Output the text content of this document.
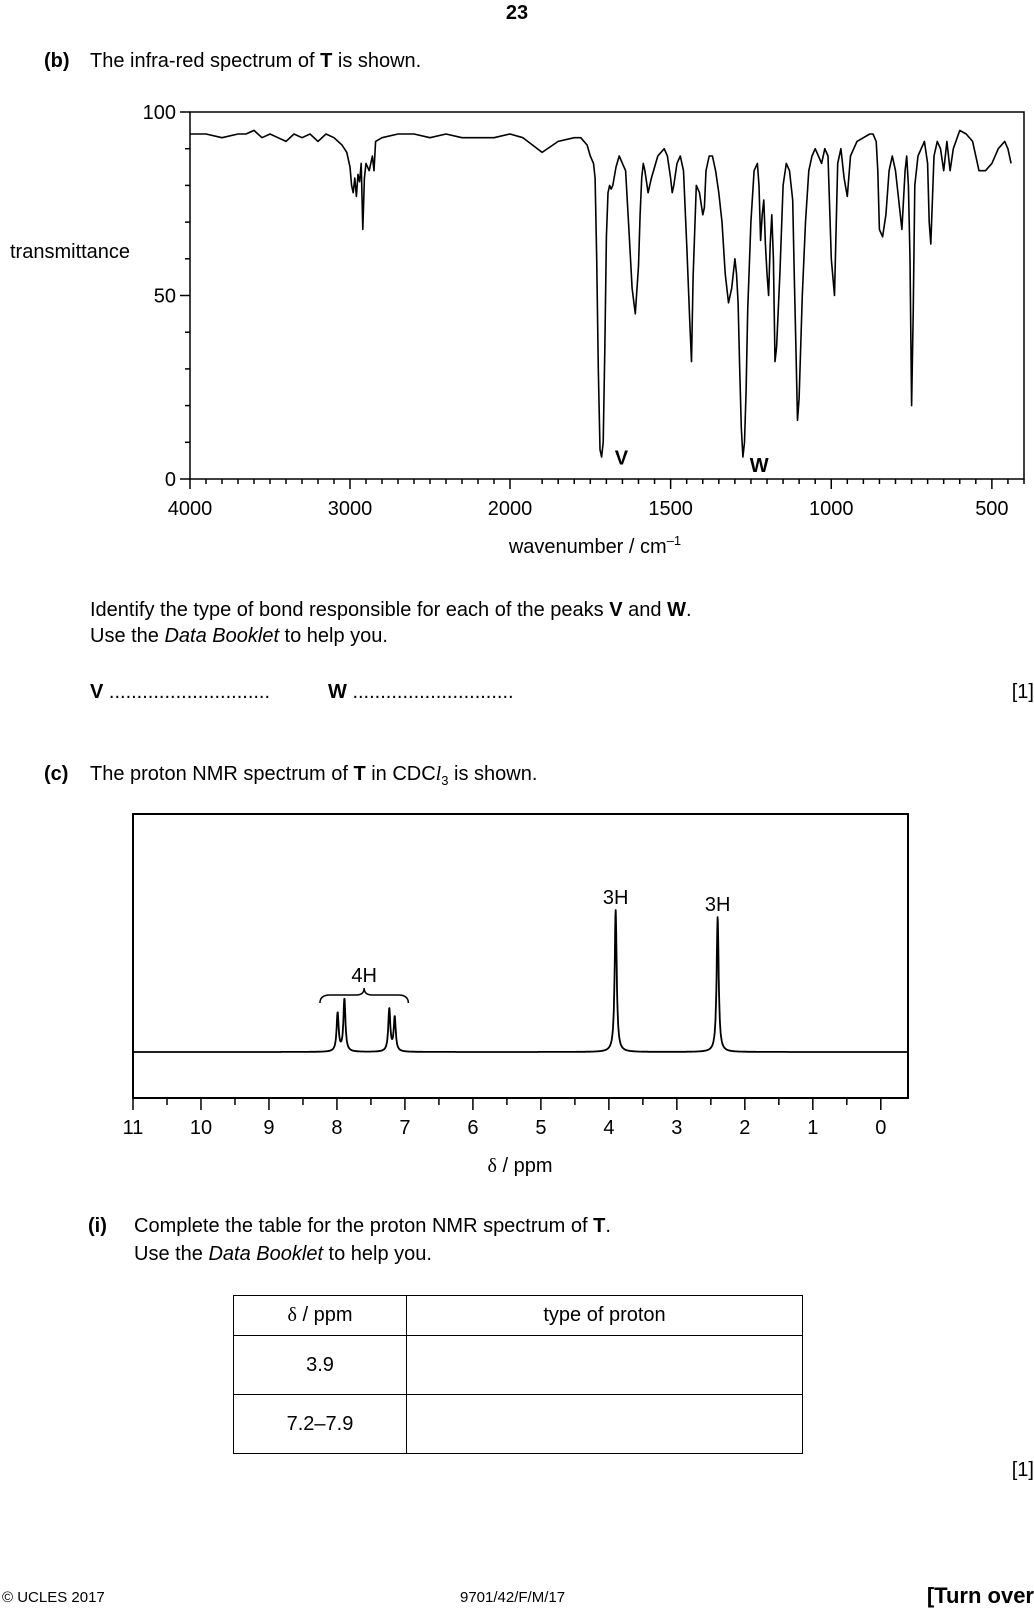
23
(b) The infra-red spectrum of T is shown.
100
50
0
4000	3000	2000	1500	1000	500
V	W
transmittance
wavenumber / $cm^{-1}$
Identify the type of bond responsible for each of the peaks V and W.
Use the Data Booklet to help you.
V .............................	W .............................	[1]
(c) The proton NMR spectrum of T in CDCl$_3$ is shown.
11 10	9	8	7	6	5	4	3	2	1	0
4H
3H	3H
δ / ppm
(i) Complete the table for the proton NMR spectrum of T.
Use the Data Booklet to help you.
δ / ppm	type of proton
3.9	
7.2–7.9	
[1]
© UCLES 2017	9701/42/F/M/17	[Turn over
